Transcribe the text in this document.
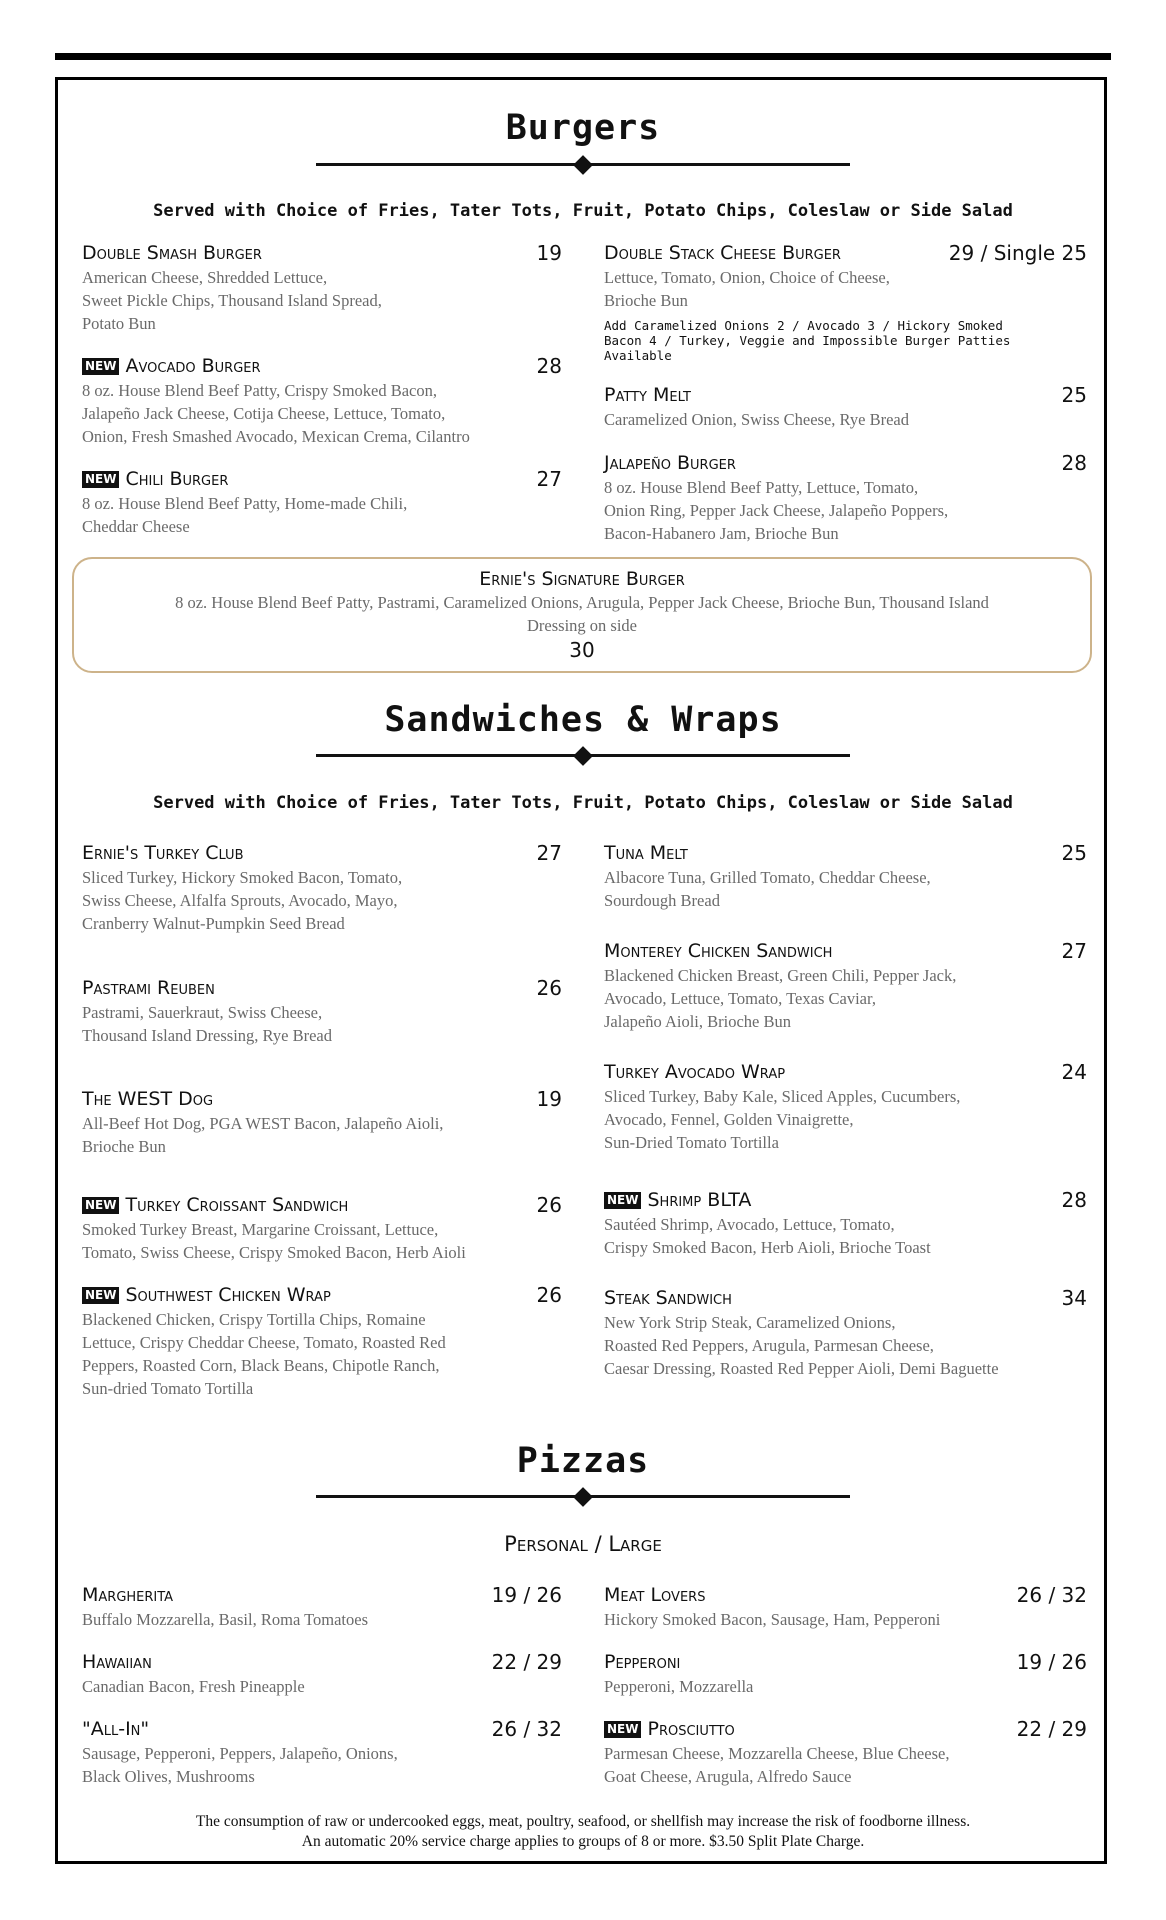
Burgers
Served with Choice of Fries, Tater Tots, Fruit, Potato Chips, Coleslaw or Side Salad
Double Smash Burger	19
American Cheese, Shredded Lettuce,
Sweet Pickle Chips, Thousand Island Spread,
Potato Bun
NEW Avocado Burger	28
8 oz. House Blend Beef Patty, Crispy Smoked Bacon,
Jalapeño Jack Cheese, Cotija Cheese, Lettuce, Tomato,
Onion, Fresh Smashed Avocado, Mexican Crema, Cilantro
NEW Chili Burger	27
8 oz. House Blend Beef Patty, Home-made Chili,
Cheddar Cheese
Double Stack Cheese Burger	29 / Single 25
Lettuce, Tomato, Onion, Choice of Cheese,
Brioche Bun
Add Caramelized Onions 2 / Avocado 3 / Hickory Smoked
Bacon 4 / Turkey, Veggie and Impossible Burger Patties
Available
Patty Melt	25
Caramelized Onion, Swiss Cheese, Rye Bread
Jalapeño Burger	28
8 oz. House Blend Beef Patty, Lettuce, Tomato,
Onion Ring, Pepper Jack Cheese, Jalapeño Poppers,
Bacon-Habanero Jam, Brioche Bun
Ernie's Signature Burger
8 oz. House Blend Beef Patty, Pastrami, Caramelized Onions, Arugula, Pepper Jack Cheese, Brioche Bun, Thousand Island Dressing on side
30
Sandwiches & Wraps
Served with Choice of Fries, Tater Tots, Fruit, Potato Chips, Coleslaw or Side Salad
Ernie's Turkey Club	27
Sliced Turkey, Hickory Smoked Bacon, Tomato,
Swiss Cheese, Alfalfa Sprouts, Avocado, Mayo,
Cranberry Walnut-Pumpkin Seed Bread
Pastrami Reuben	26
Pastrami, Sauerkraut, Swiss Cheese,
Thousand Island Dressing, Rye Bread
The WEST Dog	19
All-Beef Hot Dog, PGA WEST Bacon, Jalapeño Aioli,
Brioche Bun
NEW Turkey Croissant Sandwich	26
Smoked Turkey Breast, Margarine Croissant, Lettuce,
Tomato, Swiss Cheese, Crispy Smoked Bacon, Herb Aioli
NEW Southwest Chicken Wrap	26
Blackened Chicken, Crispy Tortilla Chips, Romaine
Lettuce, Crispy Cheddar Cheese, Tomato, Roasted Red
Peppers, Roasted Corn, Black Beans, Chipotle Ranch,
Sun-dried Tomato Tortilla
Tuna Melt	25
Albacore Tuna, Grilled Tomato, Cheddar Cheese,
Sourdough Bread
Monterey Chicken Sandwich	27
Blackened Chicken Breast, Green Chili, Pepper Jack,
Avocado, Lettuce, Tomato, Texas Caviar,
Jalapeño Aioli, Brioche Bun
Turkey Avocado Wrap	24
Sliced Turkey, Baby Kale, Sliced Apples, Cucumbers,
Avocado, Fennel, Golden Vinaigrette,
Sun-Dried Tomato Tortilla
NEW Shrimp BLTA	28
Sautéed Shrimp, Avocado, Lettuce, Tomato,
Crispy Smoked Bacon, Herb Aioli, Brioche Toast
Steak Sandwich	34
New York Strip Steak, Caramelized Onions,
Roasted Red Peppers, Arugula, Parmesan Cheese,
Caesar Dressing, Roasted Red Pepper Aioli, Demi Baguette
Pizzas
Personal / Large
Margherita	19 / 26
Buffalo Mozzarella, Basil, Roma Tomatoes
Hawaiian	22 / 29
Canadian Bacon, Fresh Pineapple
"All-In"	26 / 32
Sausage, Pepperoni, Peppers, Jalapeño, Onions,
Black Olives, Mushrooms
Meat Lovers	26 / 32
Hickory Smoked Bacon, Sausage, Ham, Pepperoni
Pepperoni	19 / 26
Pepperoni, Mozzarella
NEW Prosciutto	22 / 29
Parmesan Cheese, Mozzarella Cheese, Blue Cheese,
Goat Cheese, Arugula, Alfredo Sauce
The consumption of raw or undercooked eggs, meat, poultry, seafood, or shellfish may increase the risk of foodborne illness.
An automatic 20% service charge applies to groups of 8 or more. $3.50 Split Plate Charge.
